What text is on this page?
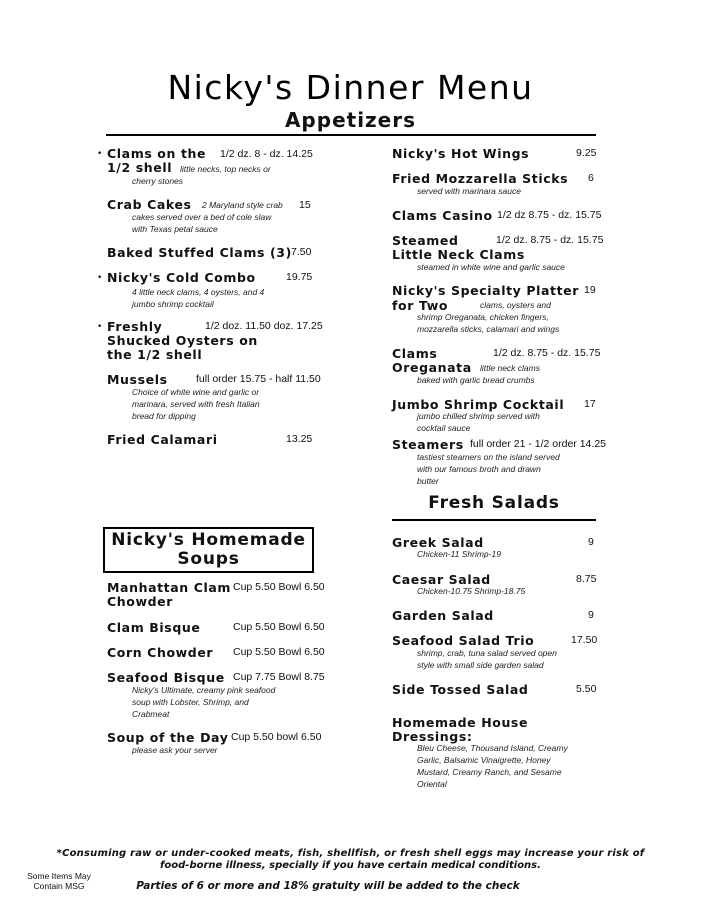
Nicky's Dinner Menu
Appetizers
• Clams on the
1/2 shell
1/2 dz. 8 - dz. 14.25
little necks, top necks or
cherry stones
Crab Cakes	15
2 Maryland style crab
cakes served over a bed of cole slaw
with Texas petal sauce
Baked Stuffed Clams (3) 7.50
• Nicky's Cold Combo	19.75
4 little neck clams, 4 oysters, and 4
jumbo shrimp cocktail
• Freshly
Shucked Oysters on
the 1/2 shell
1/2 doz. 11.50 doz. 17.25
Mussels	full order 15.75 - half 11.50
Choice of white wine and garlic or
marinara, served with fresh Italian
bread for dipping
Fried Calamari	13.25
Nicky's Hot Wings	9.25
Fried Mozzarella Sticks 6
served with marinara sauce
Clams Casino 1/2 dz 8.75 - dz. 15.75
Steamed
Little Neck Clams
1/2 dz. 8.75 - dz. 15.75
steamed in white wine and garlic sauce
Nicky's Specialty Platter
for Two
19
clams, oysters and
shrimp Oreganata, chicken fingers,
mozzarella sticks, calamari and wings
Clams
Oreganata
1/2 dz. 8.75 - dz. 15.75
little neck clams
baked with garlic bread crumbs
Jumbo Shrimp Cocktail 17
jumbo chilled shrimp served with
cocktail sauce
Steamers full order 21 - 1/2 order 14.25
tastiest steamers on the island served
with our famous broth and drawn
butter
Fresh Salads
Nicky's Homemade
Soups
Manhattan Clam
Chowder
Cup 5.50 Bowl 6.50
Clam Bisque	Cup 5.50 Bowl 6.50
Corn Chowder Cup 5.50 Bowl 6.50
Seafood Bisque Cup 7.75 Bowl 8.75
Nicky's Ultimate, creamy pink seafood
soup with Lobster, Shrimp, and
Crabmeat
Soup of the Day Cup 5.50 bowl 6.50
please ask your server
Greek Salad	9
Chicken-11 Shrimp-19
Caesar Salad	8.75
Chicken-10.75 Shrimp-18.75
Garden Salad	9
Seafood Salad Trio	17.50
shrimp, crab, tuna salad served open
style with small side garden salad
Side Tossed Salad	5.50
Homemade House
Dressings:
Bleu Cheese, Thousand Island, Creamy
Garlic, Balsamic Vinaigrette, Honey
Mustard, Creamy Ranch, and Sesame
Oriental
*Consuming raw or under-cooked meats, fish, shellfish, or fresh shell eggs may increase your risk of
food-borne illness, specially if you have certain medical conditions.
Some Items May
Contain MSG	Parties of 6 or more and 18% gratuity will be added to the check
